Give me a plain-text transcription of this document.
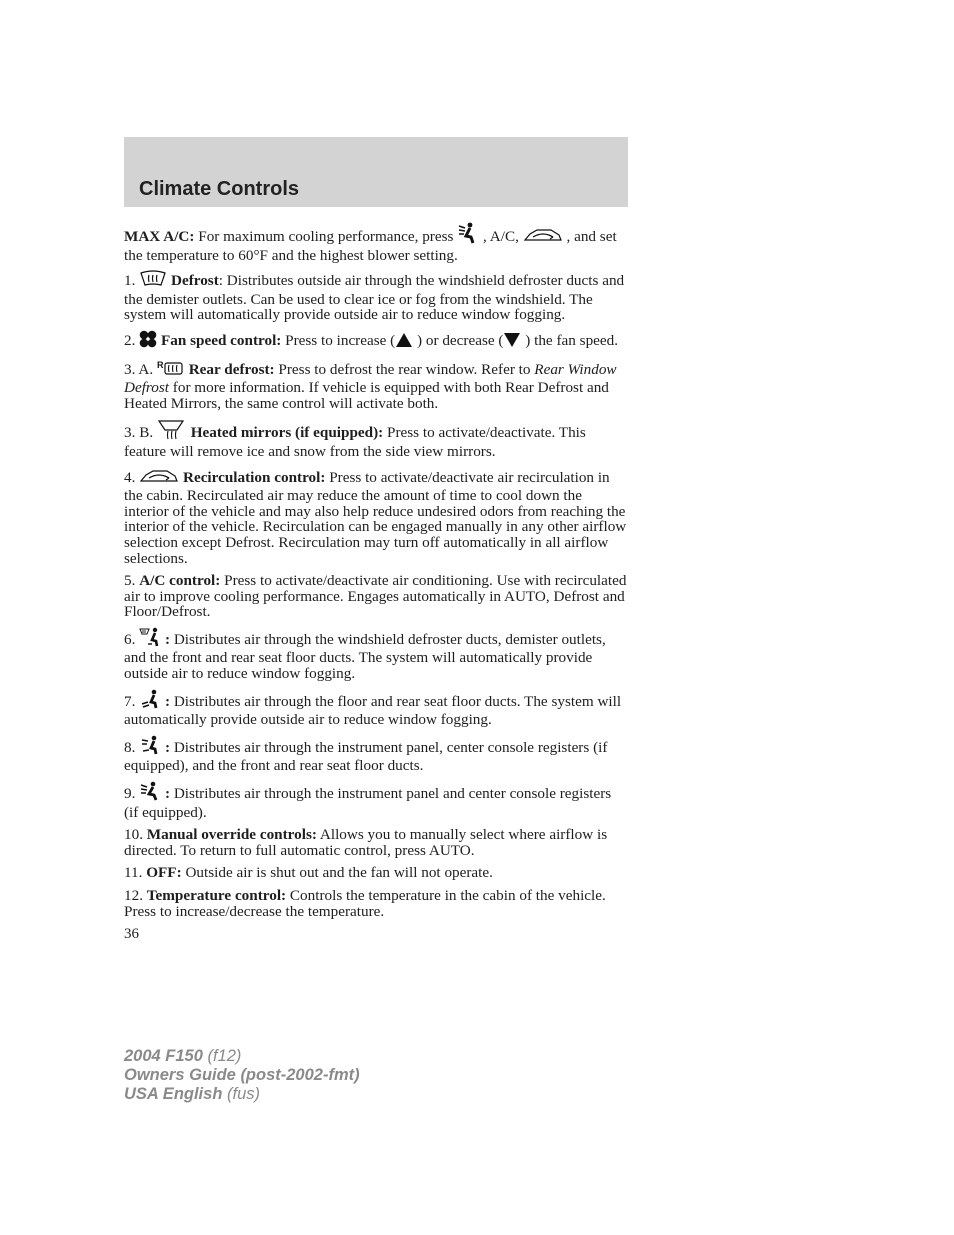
Climate Controls

MAX A/C: For maximum cooling performance, press  , A/C,	, and set the temperature to 60°F and the highest blower setting.

1.  Defrost: Distributes outside air through the windshield defroster ducts and the demister outlets. Can be used to clear ice or fog from the windshield. The system will automatically provide outside air to reduce window fogging.

2.  Fan speed control: Press to increase ( ) or decrease ( ) the fan speed.

3. A. R Rear defrost: Press to defrost the rear window. Refer to Rear Window Defrost for more information. If vehicle is equipped with both Rear Defrost and Heated Mirrors, the same control will activate both.

3. B.  Heated mirrors (if equipped): Press to activate/deactivate. This feature will remove ice and snow from the side view mirrors.

4.	Recirculation control: Press to activate/deactivate air recirculation in the cabin. Recirculated air may reduce the amount of time to cool down the interior of the vehicle and may also help reduce undesired odors from reaching the interior of the vehicle. Recirculation can be engaged manually in any other airflow selection except Defrost. Recirculation may turn off automatically in all airflow selections.

5. A/C control: Press to activate/deactivate air conditioning. Use with recirculated air to improve cooling performance. Engages automatically in AUTO, Defrost and Floor/Defrost.

6.  : Distributes air through the windshield defroster ducts, demister outlets, and the front and rear seat floor ducts. The system will automatically provide outside air to reduce window fogging.

7.  : Distributes air through the floor and rear seat floor ducts. The system will automatically provide outside air to reduce window fogging.

8.  : Distributes air through the instrument panel, center console registers (if equipped), and the front and rear seat floor ducts.

9.  : Distributes air through the instrument panel and center console registers (if equipped).

10. Manual override controls: Allows you to manually select where airflow is directed. To return to full automatic control, press AUTO.

11. OFF: Outside air is shut out and the fan will not operate.

12. Temperature control: Controls the temperature in the cabin of the vehicle. Press to increase/decrease the temperature.

36
2004 F150 (f12)
Owners Guide (post-2002-fmt)
USA English (fus)
